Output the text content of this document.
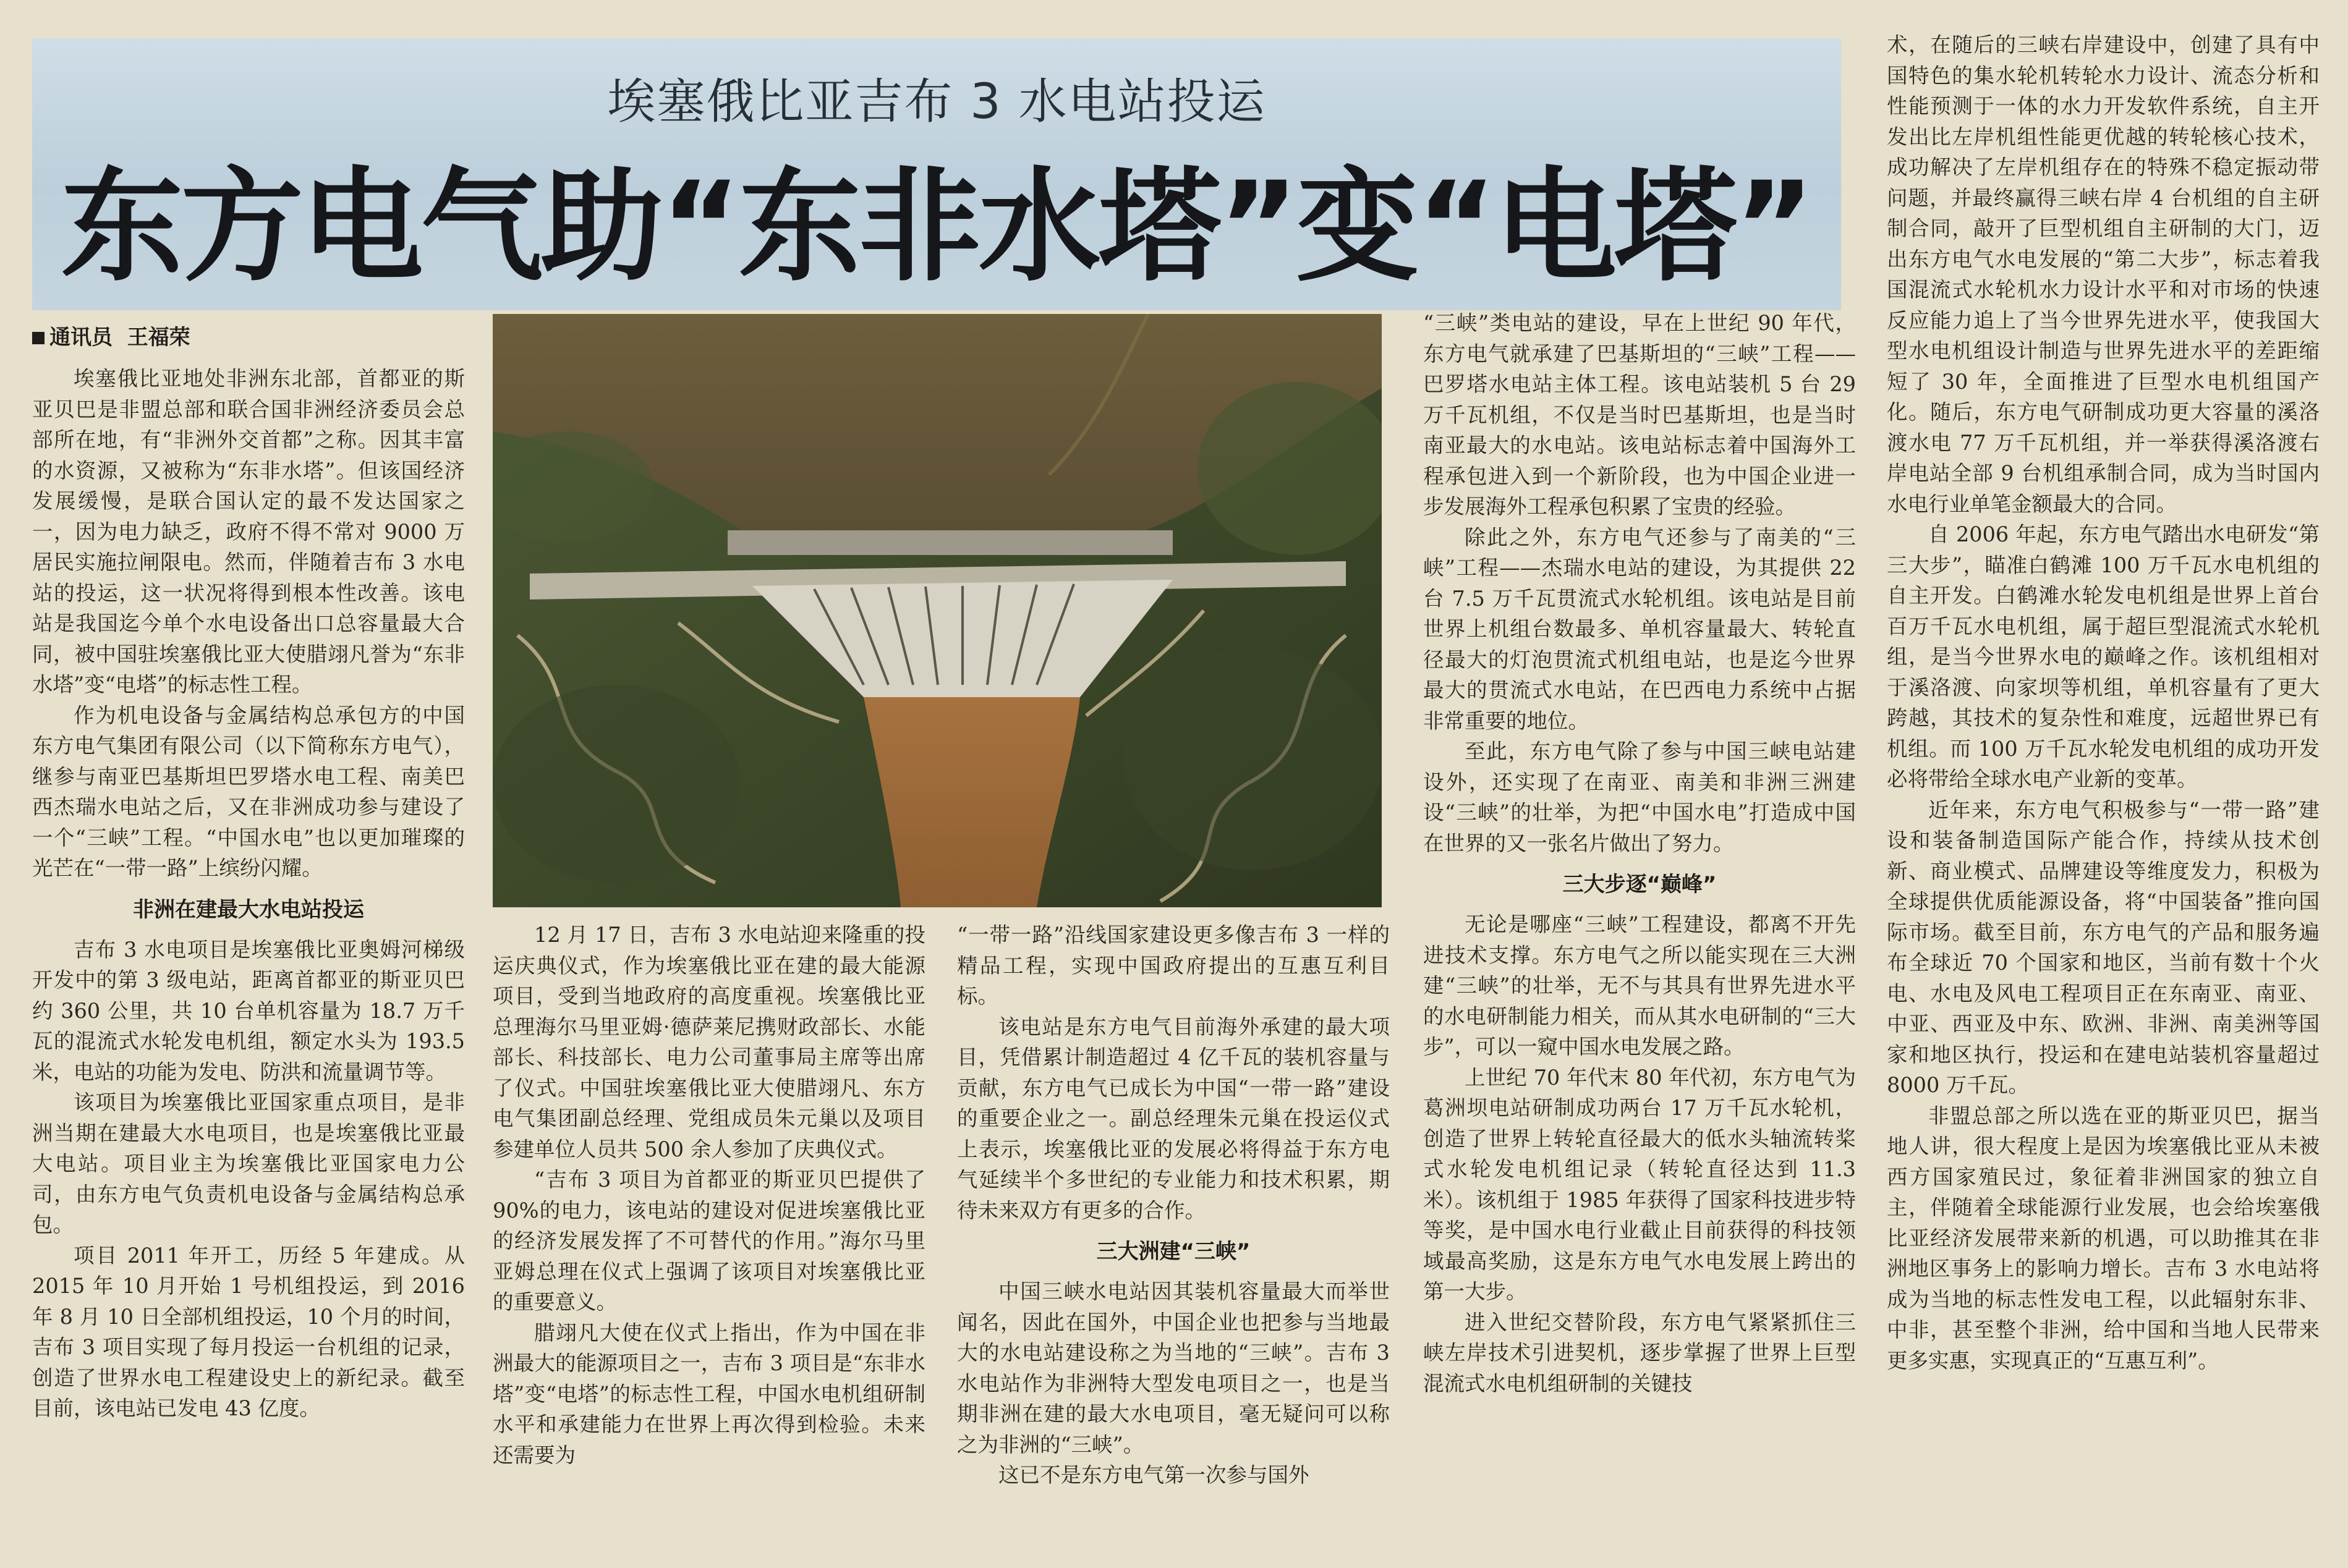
埃塞俄比亚吉布 3 水电站投运
东方电气助“东非水塔”变“电塔”
通讯员 王福荣

埃塞俄比亚地处非洲东北部，首都亚的斯亚贝巴是非盟总部和联合国非洲经济委员会总部所在地，有“非洲外交首都”之称。因其丰富的水资源，又被称为“东非水塔”。但该国经济发展缓慢，是联合国认定的最不发达国家之一，因为电力缺乏，政府不得不常对 9000 万居民实施拉闸限电。然而，伴随着吉布 3 水电站的投运，这一状况将得到根本性改善。该电站是我国迄今单个水电设备出口总容量最大合同，被中国驻埃塞俄比亚大使腊翊凡誉为“东非水塔”变“电塔”的标志性工程。

作为机电设备与金属结构总承包方的中国东方电气集团有限公司（以下简称东方电气），继参与南亚巴基斯坦巴罗塔水电工程、南美巴西杰瑞水电站之后，又在非洲成功参与建设了一个“三峡”工程。“中国水电”也以更加璀璨的光芒在“一带一路”上缤纷闪耀。

非洲在建最大水电站投运

吉布 3 水电项目是埃塞俄比亚奥姆河梯级开发中的第 3 级电站，距离首都亚的斯亚贝巴约 360 公里，共 10 台单机容量为 18.7 万千瓦的混流式水轮发电机组，额定水头为 193.5 米，电站的功能为发电、防洪和流量调节等。

该项目为埃塞俄比亚国家重点项目，是非洲当期在建最大水电项目，也是埃塞俄比亚最大电站。项目业主为埃塞俄比亚国家电力公司，由东方电气负责机电设备与金属结构总承包。

项目 2011 年开工，历经 5 年建成。从 2015 年 10 月开始 1 号机组投运，到 2016 年 8 月 10 日全部机组投运，10 个月的时间，吉布 3 项目实现了每月投运一台机组的记录，创造了世界水电工程建设史上的新纪录。截至目前，该电站已发电 43 亿度。

12 月 17 日，吉布 3 水电站迎来隆重的投运庆典仪式，作为埃塞俄比亚在建的最大能源项目，受到当地政府的高度重视。埃塞俄比亚总理海尔马里亚姆·德萨莱尼携财政部长、水能部长、科技部长、电力公司董事局主席等出席了仪式。中国驻埃塞俄比亚大使腊翊凡、东方电气集团副总经理、党组成员朱元巢以及项目参建单位人员共 500 余人参加了庆典仪式。

“吉布 3 项目为首都亚的斯亚贝巴提供了 90%的电力，该电站的建设对促进埃塞俄比亚的经济发展发挥了不可替代的作用。”海尔马里亚姆总理在仪式上强调了该项目对埃塞俄比亚的重要意义。

腊翊凡大使在仪式上指出，作为中国在非洲最大的能源项目之一，吉布 3 项目是“东非水塔”变“电塔”的标志性工程，中国水电机组研制水平和承建能力在世界上再次得到检验。未来还需要为

“三峡”类电站的建设，早在上世纪 90 年代，东方电气就承建了巴基斯坦的“三峡”工程——巴罗塔水电站主体工程。该电站装机 5 台 29 万千瓦机组，不仅是当时巴基斯坦，也是当时南亚最大的水电站。该电站标志着中国海外工程承包进入到一个新阶段，也为中国企业进一步发展海外工程承包积累了宝贵的经验。

除此之外，东方电气还参与了南美的“三峡”工程——杰瑞水电站的建设，为其提供 22 台 7.5 万千瓦贯流式水轮机组。该电站是目前世界上机组台数最多、单机容量最大、转轮直径最大的灯泡贯流式机组电站，也是迄今世界最大的贯流式水电站，在巴西电力系统中占据非常重要的地位。

至此，东方电气除了参与中国三峡电站建设外，还实现了在南亚、南美和非洲三洲建设“三峡”的壮举，为把“中国水电”打造成中国在世界的又一张名片做出了努力。

三大步逐“巅峰”

无论是哪座“三峡”工程建设，都离不开先进技术支撑。东方电气之所以能实现在三大洲建“三峡”的壮举，无不与其具有世界先进水平的水电研制能力相关，而从其水电研制的“三大步”，可以一窥中国水电发展之路。

上世纪 70 年代末 80 年代初，东方电气为葛洲坝电站研制成功两台 17 万千瓦水轮机，创造了世界上转轮直径最大的低水头轴流转桨式水轮发电机组记录（转轮直径达到 11.3 米）。该机组于 1985 年获得了国家科技进步特等奖，是中国水电行业截止目前获得的科技领域最高奖励，这是东方电气水电发展上跨出的第一大步。

进入世纪交替阶段，东方电气紧紧抓住三峡左岸技术引进契机，逐步掌握了世界上巨型混流式水电机组研制的关键技

“一带一路”沿线国家建设更多像吉布 3 一样的精品工程，实现中国政府提出的互惠互利目标。

该电站是东方电气目前海外承建的最大项目，凭借累计制造超过 4 亿千瓦的装机容量与贡献，东方电气已成长为中国“一带一路”建设的重要企业之一。副总经理朱元巢在投运仪式上表示，埃塞俄比亚的发展必将得益于东方电气延续半个多世纪的专业能力和技术积累，期待未来双方有更多的合作。

三大洲建“三峡”

中国三峡水电站因其装机容量最大而举世闻名，因此在国外，中国企业也把参与当地最大的水电站建设称之为当地的“三峡”。吉布 3 水电站作为非洲特大型发电项目之一，也是当期非洲在建的最大水电项目，毫无疑问可以称之为非洲的“三峡”。

这已不是东方电气第一次参与国外

术，在随后的三峡右岸建设中，创建了具有中国特色的集水轮机转轮水力设计、流态分析和性能预测于一体的水力开发软件系统，自主开发出比左岸机组性能更优越的转轮核心技术，成功解决了左岸机组存在的特殊不稳定振动带问题，并最终赢得三峡右岸 4 台机组的自主研制合同，敲开了巨型机组自主研制的大门，迈出东方电气水电发展的“第二大步”，标志着我国混流式水轮机水力设计水平和对市场的快速反应能力追上了当今世界先进水平，使我国大型水电机组设计制造与世界先进水平的差距缩短了 30 年，全面推进了巨型水电机组国产化。随后，东方电气研制成功更大容量的溪洛渡水电 77 万千瓦机组，并一举获得溪洛渡右岸电站全部 9 台机组承制合同，成为当时国内水电行业单笔金额最大的合同。

自 2006 年起，东方电气踏出水电研发“第三大步”，瞄准白鹤滩 100 万千瓦水电机组的自主开发。白鹤滩水轮发电机组是世界上首台百万千瓦水电机组，属于超巨型混流式水轮机组，是当今世界水电的巅峰之作。该机组相对于溪洛渡、向家坝等机组，单机容量有了更大跨越，其技术的复杂性和难度，远超世界已有机组。而 100 万千瓦水轮发电机组的成功开发必将带给全球水电产业新的变革。

近年来，东方电气积极参与“一带一路”建设和装备制造国际产能合作，持续从技术创新、商业模式、品牌建设等维度发力，积极为全球提供优质能源设备，将“中国装备”推向国际市场。截至目前，东方电气的产品和服务遍布全球近 70 个国家和地区，当前有数十个火电、水电及风电工程项目正在东南亚、南亚、中亚、西亚及中东、欧洲、非洲、南美洲等国家和地区执行，投运和在建电站装机容量超过 8000 万千瓦。

非盟总部之所以选在亚的斯亚贝巴，据当地人讲，很大程度上是因为埃塞俄比亚从未被西方国家殖民过，象征着非洲国家的独立自主，伴随着全球能源行业发展，也会给埃塞俄比亚经济发展带来新的机遇，可以助推其在非洲地区事务上的影响力增长。吉布 3 水电站将成为当地的标志性发电工程，以此辐射东非、中非，甚至整个非洲，给中国和当地人民带来更多实惠，实现真正的“互惠互利”。
